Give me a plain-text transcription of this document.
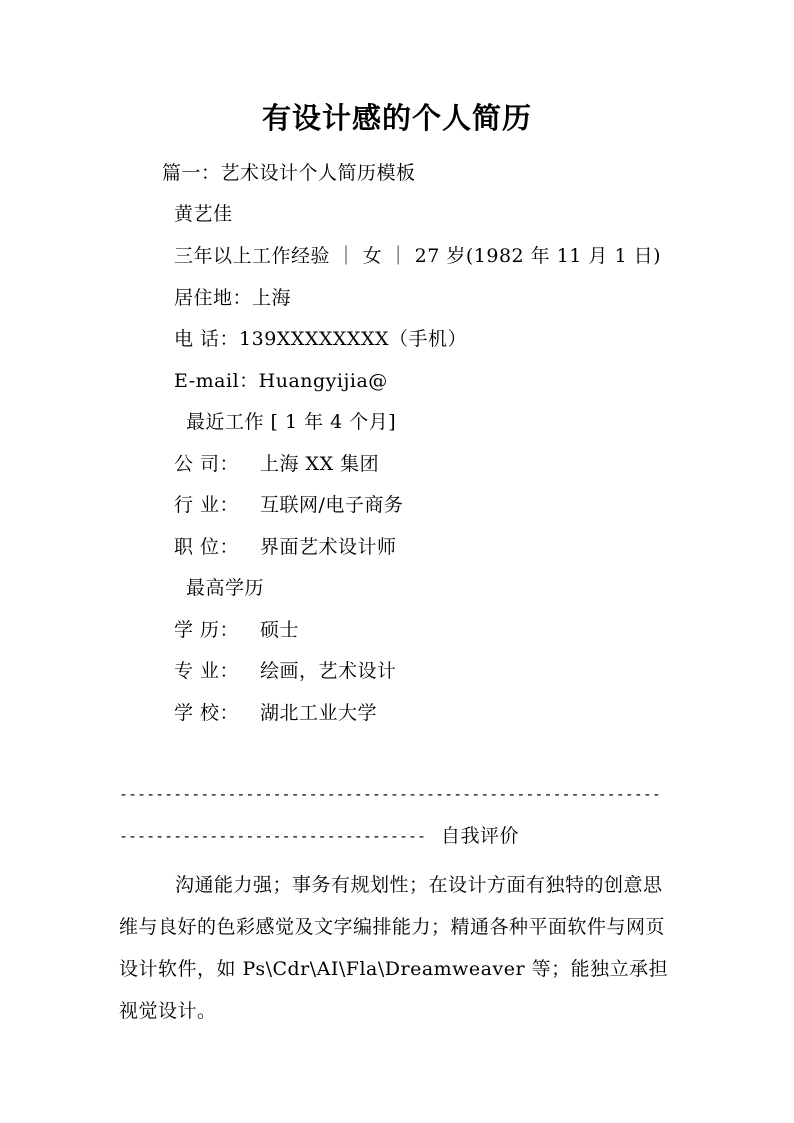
有设计感的个人简历
篇一：艺术设计个人简历模板
黄艺佳
三年以上工作经验 ｜ 女 ｜ 27 岁(1982 年 11 月 1 日)
居住地：上海
电 话：139XXXXXXXX（手机）
E-mail：Huangyijia@
最近工作 [ 1 年 4 个月]
公 司： 上海 XX 集团
行 业： 互联网/电子商务
职 位： 界面艺术设计师
最高学历
学 历： 硕士
专 业： 绘画，艺术设计
学 校： 湖北工业大学
------------------------------------------------------------
---------------------------------- 自我评价
沟通能力强；事务有规划性；在设计方面有独特的创意思维与良好的色彩感觉及文字编排能力；精通各种平面软件与网页设计软件，如 Ps\Cdr\AI\Fla\Dreamweaver 等；能独立承担视觉设计。
